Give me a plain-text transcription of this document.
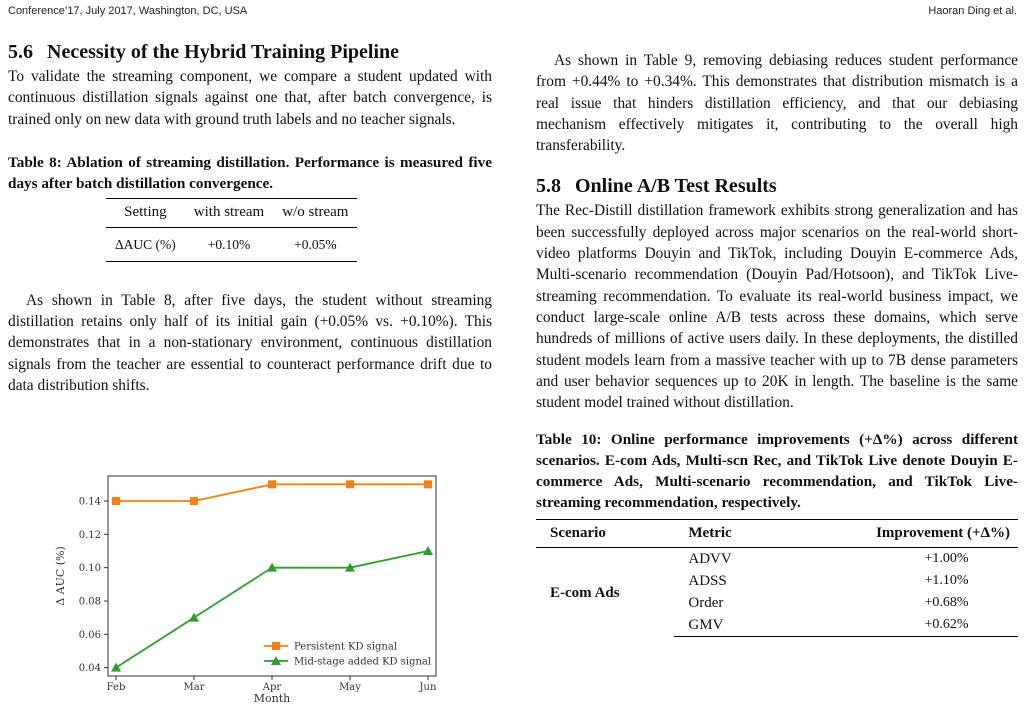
Conference’17, July 2017, Washington, DC, USA	Haoran Ding et al.
5.6 Necessity of the Hybrid Training Pipeline

To validate the streaming component, we compare a student updated with continuous distillation signals against one that, after batch convergence, is trained only on new data with ground truth labels and no teacher signals.

Table 8: Ablation of streaming distillation. Performance is measured five days after batch distillation convergence.

Setting	with stream	w/o stream
ΔAUC (%)	+0.10%	+0.05%

As shown in Table 8, after five days, the student without streaming distillation retains only half of its initial gain (+0.05% vs. +0.10%). This demonstrates that in a non-stationary environment, continuous distillation signals from the teacher are essential to counteract performance drift due to data distribution shifts.

0.04
0.06
0.08
0.10
0.12
0.14
Feb	Mar	Apr	May	Jun
Month
Δ AUC (%)
Persistent KD signal
Mid-stage added KD signal

As shown in Table 9, removing debiasing reduces student performance from +0.44% to +0.34%. This demonstrates that distribution mismatch is a real issue that hinders distillation efficiency, and that our debiasing mechanism effectively mitigates it, contributing to the overall high transferability.

5.8 Online A/B Test Results

The Rec-Distill distillation framework exhibits strong generalization and has been successfully deployed across major scenarios on the real-world short-video platforms Douyin and TikTok, including Douyin E-commerce Ads, Multi-scenario recommendation (Douyin Pad/Hotsoon), and TikTok Live-streaming recommendation. To evaluate its real-world business impact, we conduct large-scale online A/B tests across these domains, which serve hundreds of millions of active users daily. In these deployments, the distilled student models learn from a massive teacher with up to 7B dense parameters and user behavior sequences up to 20K in length. The baseline is the same student model trained without distillation.

Table 10: Online performance improvements (+Δ%) across different scenarios. E-com Ads, Multi-scn Rec, and TikTok Live denote Douyin E-commerce Ads, Multi-scenario recommendation, and TikTok Live-streaming recommendation, respectively.

Scenario	Metric	Improvement (+Δ%)
E-com Ads	ADVV	+1.00%
	ADSS	+1.10%
	Order	+0.68%
	GMV	+0.62%
